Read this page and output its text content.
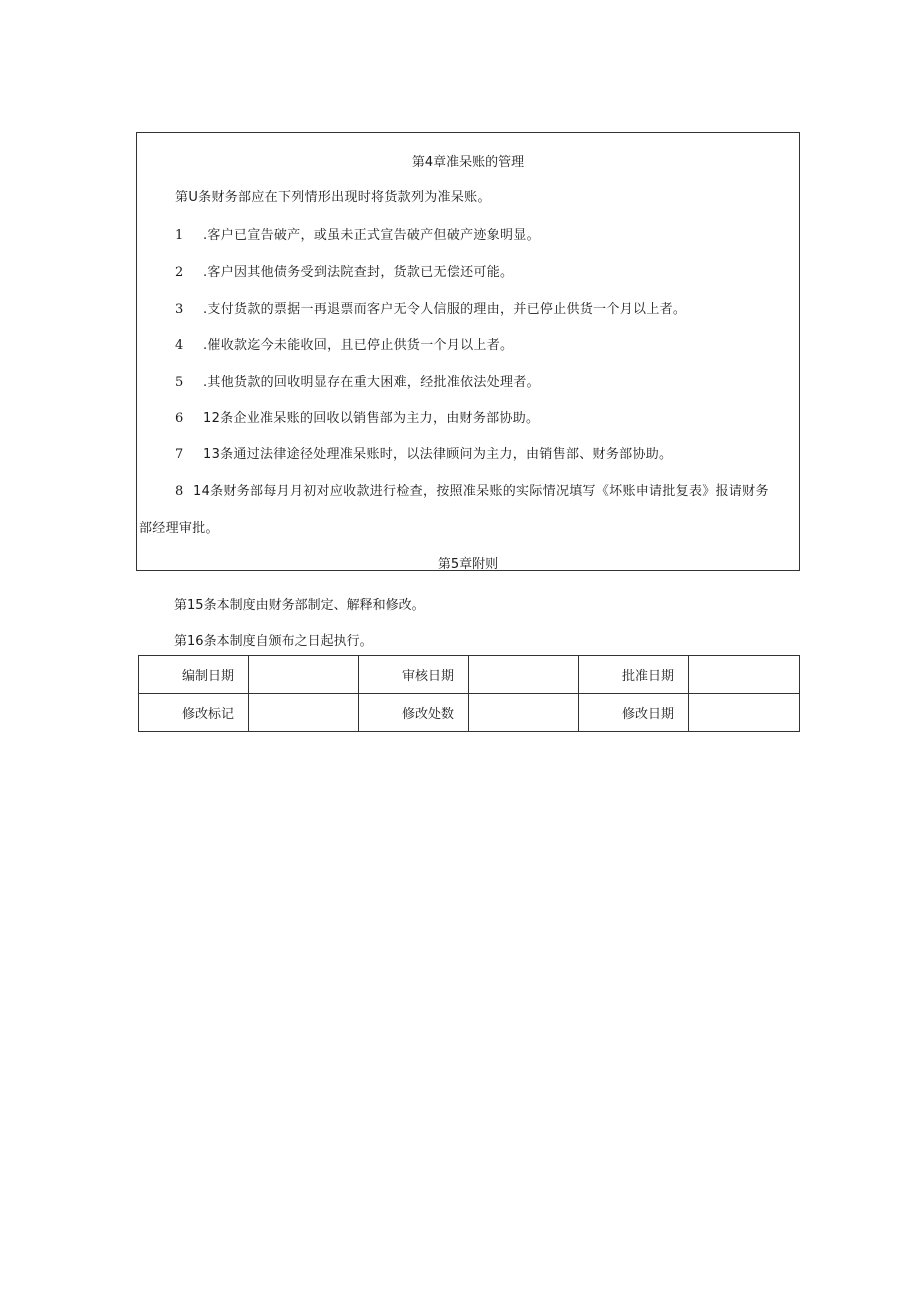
第4章准呆账的管理
第U条财务部应在下列情形出现时将货款列为准呆账。
1 .客户已宣告破产，或虽未正式宣告破产但破产迹象明显。
2 .客户因其他债务受到法院查封，货款已无偿还可能。
3 .支付货款的票据一再退票而客户无令人信服的理由，并已停止供货一个月以上者。
4 .催收款迄今未能收回，且已停止供货一个月以上者。
5 .其他货款的回收明显存在重大困难，经批准依法处理者。
6 12条企业准呆账的回收以销售部为主力，由财务部协助。
7 13条通过法律途径处理准呆账时，以法律顾问为主力，由销售部、财务部协助。
8 14条财务部每月月初对应收款进行检查，按照准呆账的实际情况填写《坏账申请批复表》报请财务
部经理审批。
第5章附则
第15条本制度由财务部制定、解释和修改。
第16条本制度自颁布之日起执行。
编制日期		审核日期		批准日期	
修改标记		修改处数		修改日期	
